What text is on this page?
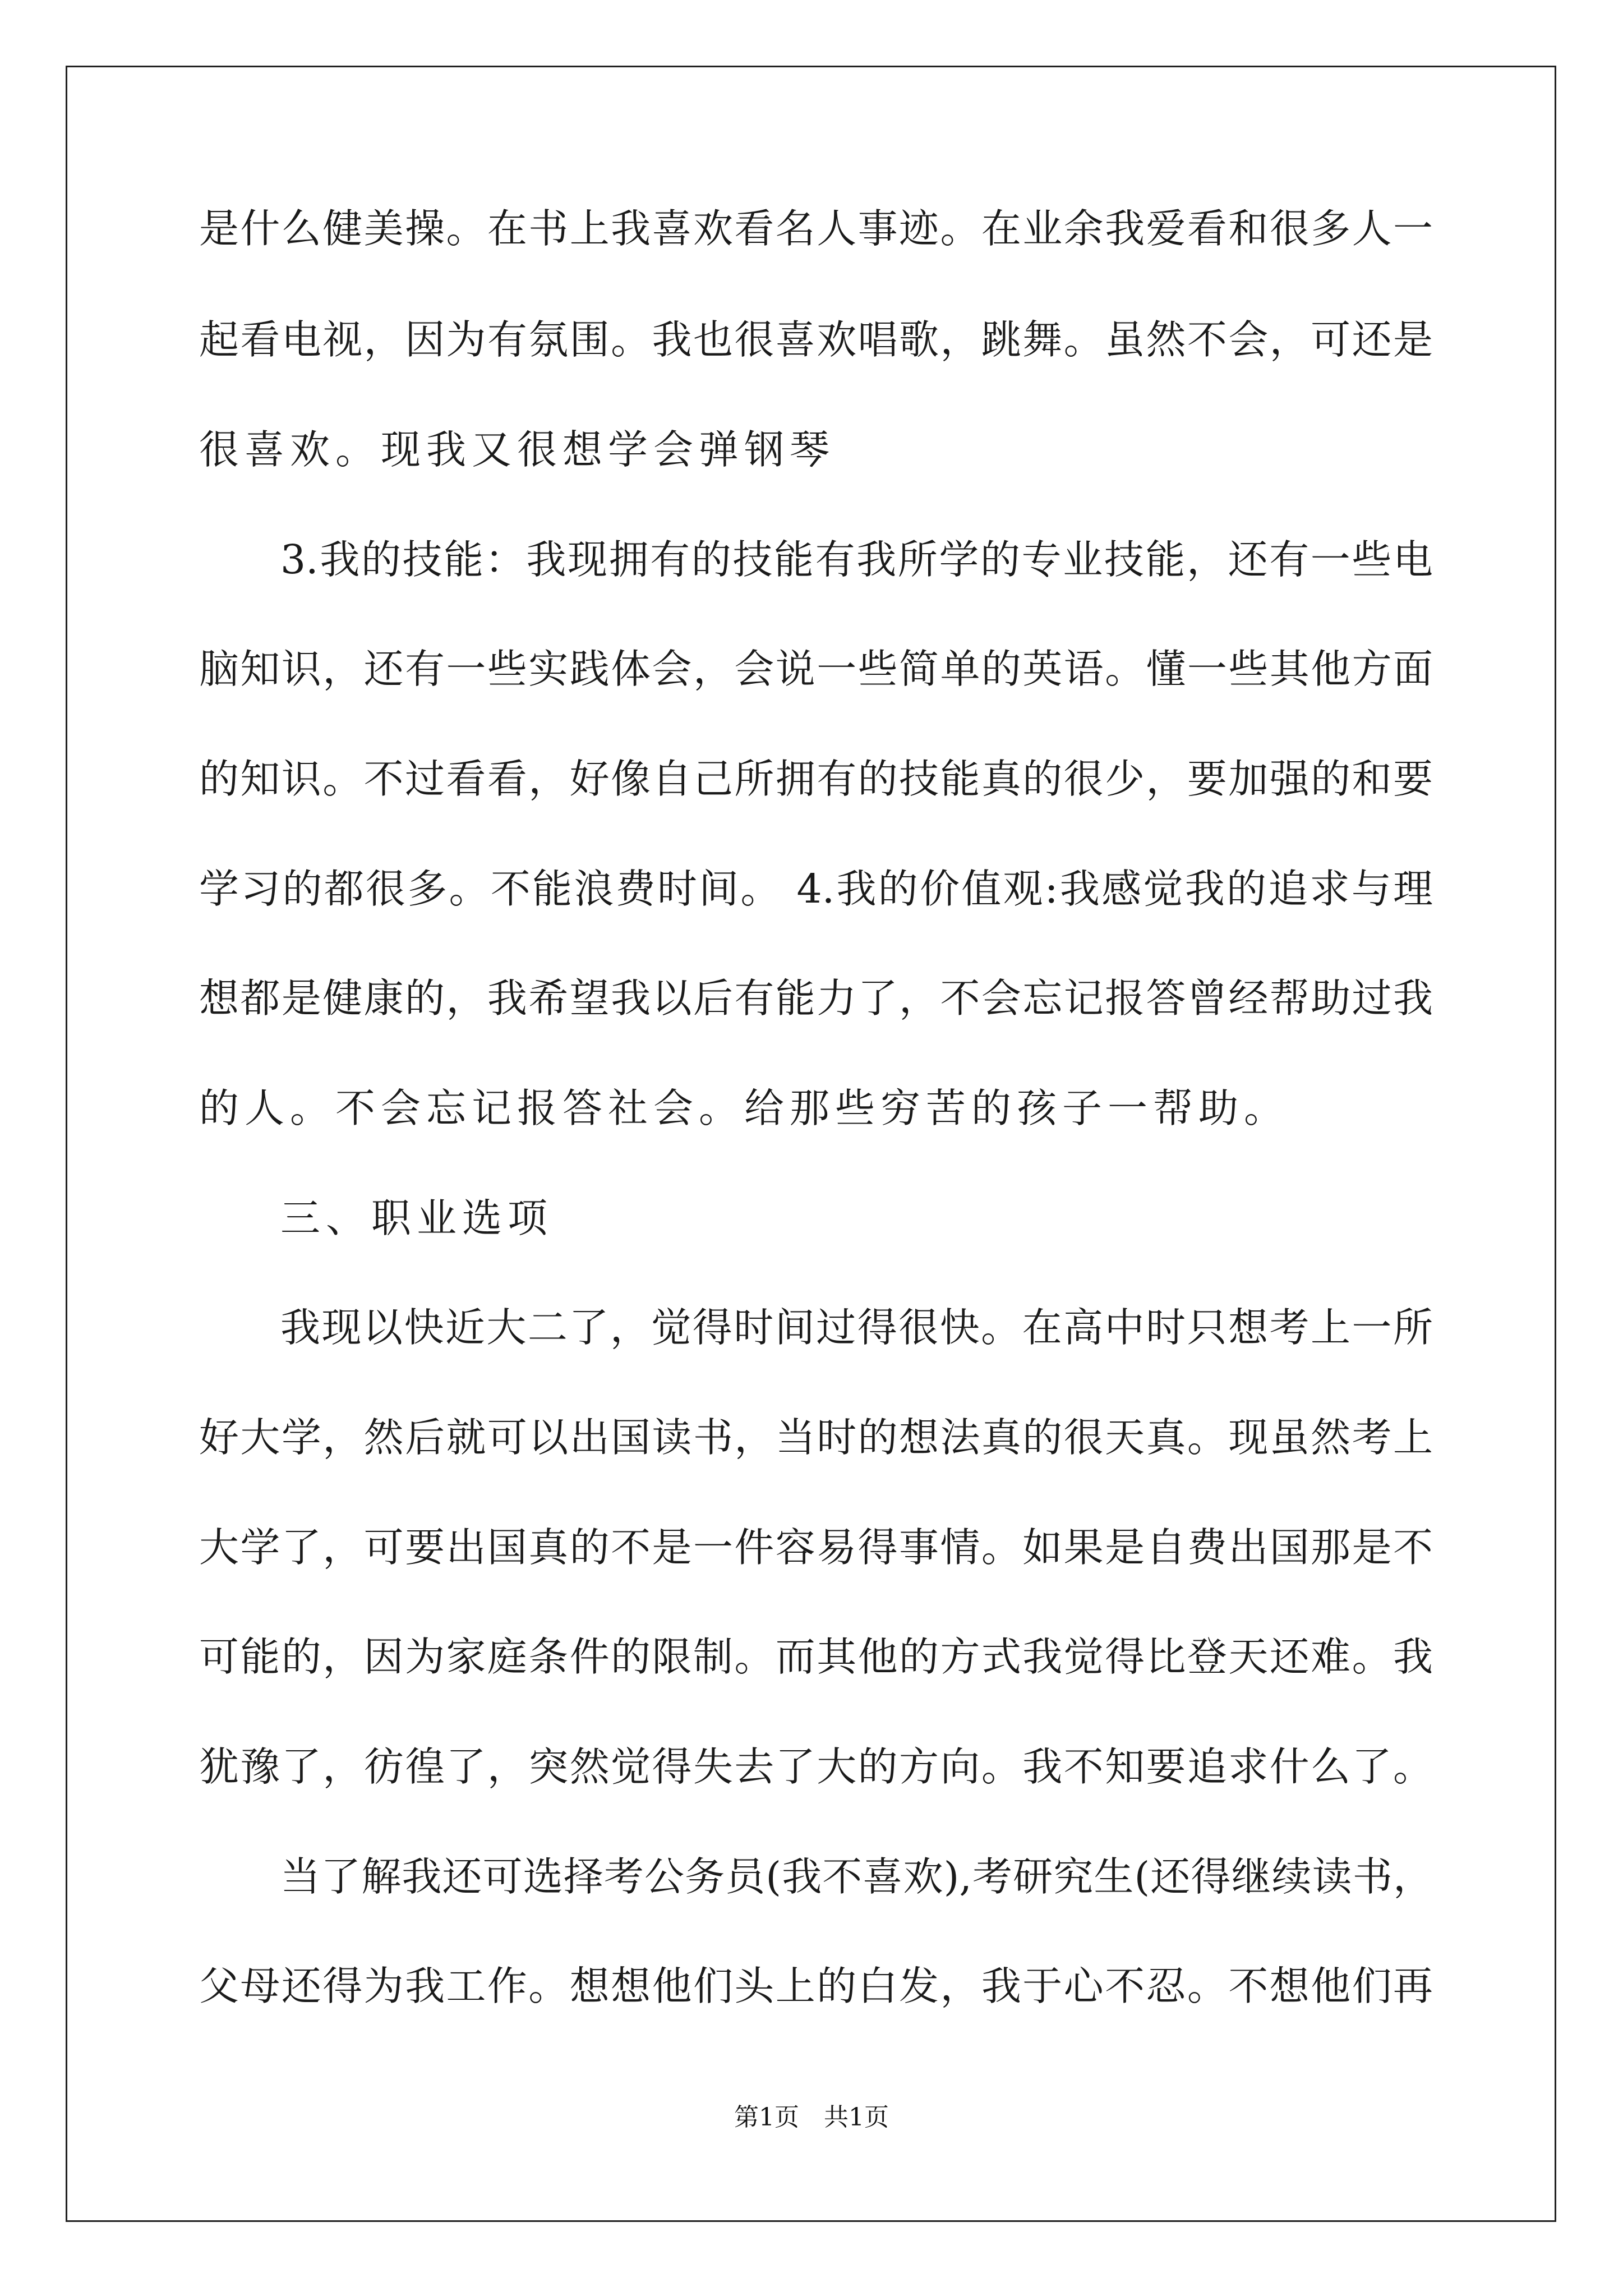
是什么健美操。在书上我喜欢看名人事迹。在业余我爱看和很多人一
起看电视，因为有氛围。我也很喜欢唱歌，跳舞。虽然不会，可还是
很喜欢。现我又很想学会弹钢琴
3.我的技能：我现拥有的技能有我所学的专业技能，还有一些电
脑知识，还有一些实践体会，会说一些简单的英语。懂一些其他方面
的知识。不过看看，好像自己所拥有的技能真的很少，要加强的和要
学习的都很多。不能浪费时间。 4.我的价值观:我感觉我的追求与理
想都是健康的，我希望我以后有能力了，不会忘记报答曾经帮助过我
的人。不会忘记报答社会。给那些穷苦的孩子一帮助。
三、职业选项
我现以快近大二了，觉得时间过得很快。在高中时只想考上一所
好大学，然后就可以出国读书，当时的想法真的很天真。现虽然考上
大学了，可要出国真的不是一件容易得事情。如果是自费出国那是不
可能的，因为家庭条件的限制。而其他的方式我觉得比登天还难。我
犹豫了，彷徨了，突然觉得失去了大的方向。我不知要追求什么了。
当了解我还可选择考公务员(我不喜欢),考研究生(还得继续读书，
父母还得为我工作。想想他们头上的白发，我于心不忍。不想他们再
第1页　共1页
